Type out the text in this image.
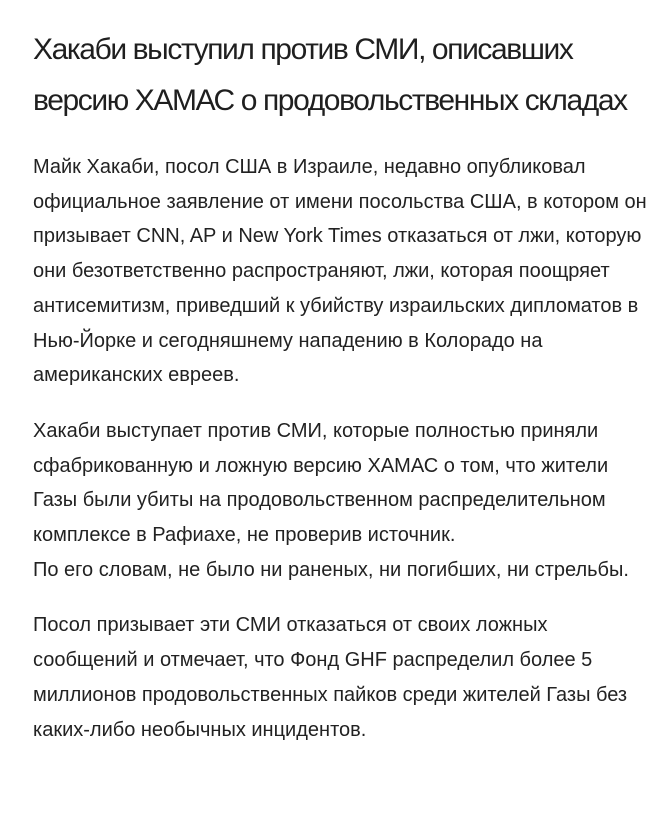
Хакаби выступил против СМИ, описавших версию ХАМАС о продовольственных складах

Майк Хакаби, посол США в Израиле, недавно опубликовал официальное заявление от имени посольства США, в котором он призывает CNN, AP и New York Times отказаться от лжи, которую они безответственно распространяют, лжи, которая поощряет антисемитизм, приведший к убийству израильских дипломатов в Нью-Йорке и сегодняшнему нападению в Колорадо на американских евреев.

Хакаби выступает против СМИ, которые полностью приняли сфабрикованную и ложную версию ХАМАС о том, что жители Газы были убиты на продовольственном распределительном комплексе в Рафиахе, не проверив источник.

По его словам, не было ни раненых, ни погибших, ни стрельбы.

Посол призывает эти СМИ отказаться от своих ложных сообщений и отмечает, что Фонд GHF распределил более 5 миллионов продовольственных пайков среди жителей Газы без каких-либо необычных инцидентов.
